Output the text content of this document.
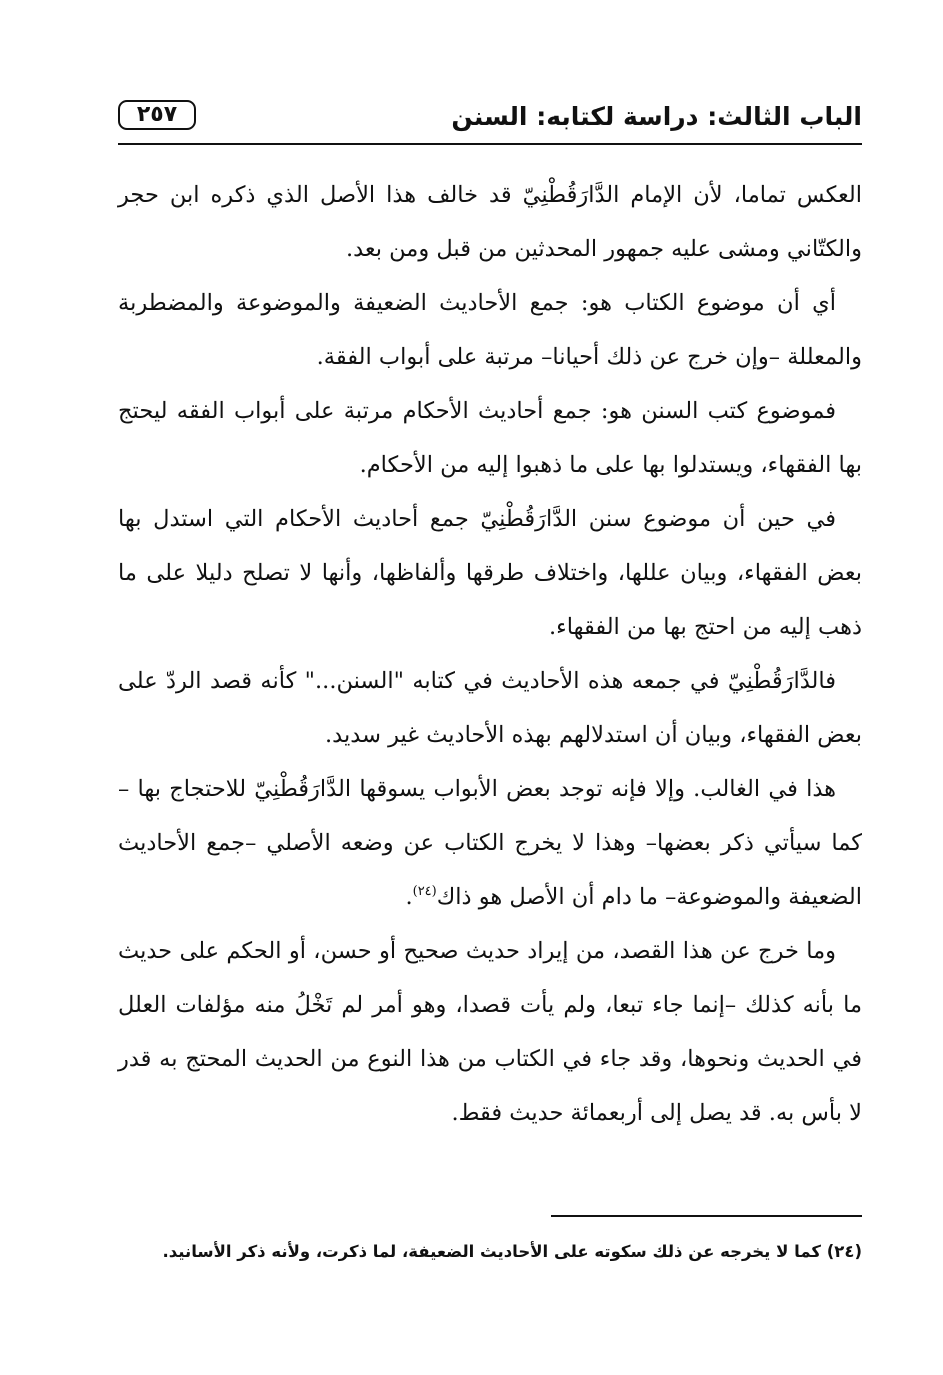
الباب الثالث: دراسة لكتابه: السنن
٢٥٧

العكس تماما، لأن الإمام الدَّارَقُطْنِيّ قد خالف هذا الأصل الذي ذكره ابن حجر والكتّاني ومشى عليه جمهور المحدثين من قبل ومن بعد.

أي أن موضوع الكتاب هو: جمع الأحاديث الضعيفة والموضوعة والمضطربة والمعللة –وإن خرج عن ذلك أحيانا– مرتبة على أبواب الفقة.

فموضوع كتب السنن هو: جمع أحاديث الأحكام مرتبة على أبواب الفقه ليحتج بها الفقهاء، ويستدلوا بها على ما ذهبوا إليه من الأحكام.

في حين أن موضوع سنن الدَّارَقُطْنِيّ جمع أحاديث الأحكام التي استدل بها بعض الفقهاء، وبيان عللها، واختلاف طرقها وألفاظها، وأنها لا تصلح دليلا على ما ذهب إليه من احتج بها من الفقهاء.

فالدَّارَقُطْنِيّ في جمعه هذه الأحاديث في كتابه "السنن..." كأنه قصد الردّ على بعض الفقهاء، وبيان أن استدلالهم بهذه الأحاديث غير سديد.

هذا في الغالب. وإلا فإنه توجد بعض الأبواب يسوقها الدَّارَقُطْنِيّ للاحتجاج بها –كما سيأتي ذكر بعضها– وهذا لا يخرج الكتاب عن وضعه الأصلي –جمع الأحاديث الضعيفة والموضوعة– ما دام أن الأصل هو ذاك$^{(٢٤)}$.

وما خرج عن هذا القصد، من إيراد حديث صحيح أو حسن، أو الحكم على حديث ما بأنه كذلك –إنما جاء تبعا، ولم يأت قصدا، وهو أمر لم تَخْلُ منه مؤلفات العلل في الحديث ونحوها، وقد جاء في الكتاب من هذا النوع من الحديث المحتج به قدر لا بأس به. قد يصل إلى أربعمائة حديث فقط.

(٢٤) كما لا يخرجه عن ذلك سكوته على الأحاديث الضعيفة، لما ذكرت، ولأنه ذكر الأسانيد.
